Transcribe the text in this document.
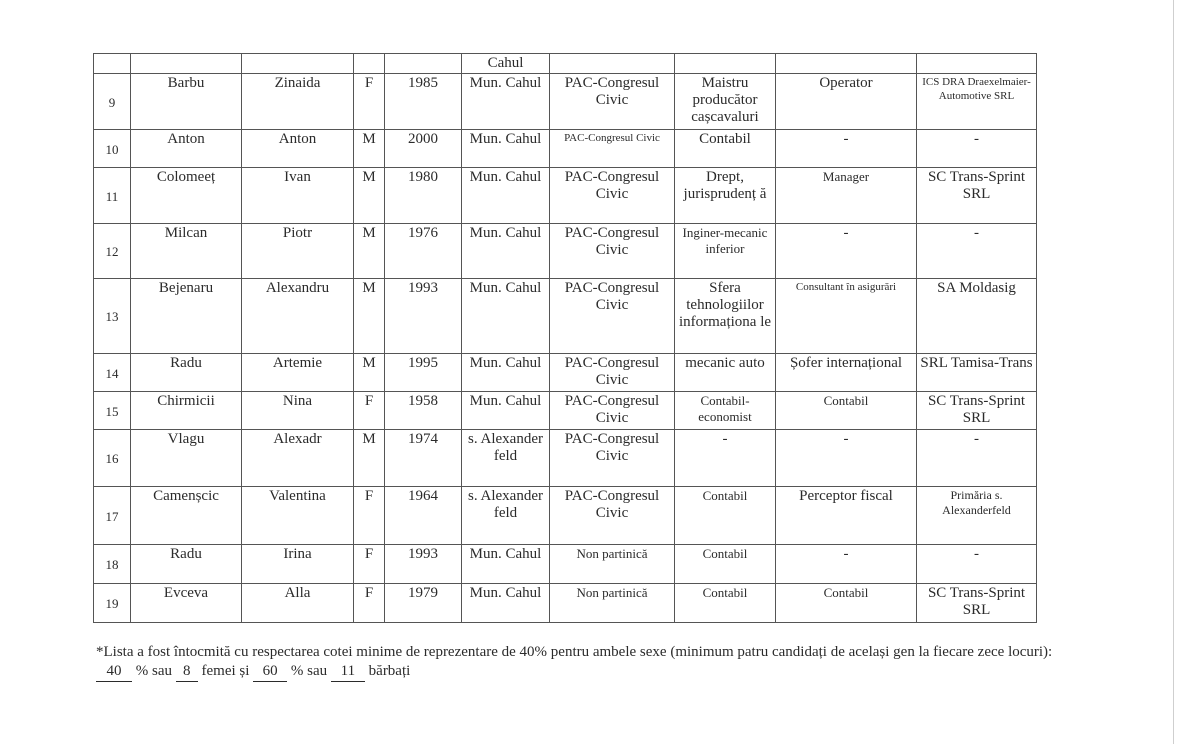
					Cahul				
9	Barbu	Zinaida	F	1985	Mun. Cahul	PAC-Congresul Civic	Maistru producător cașcavaluri	Operator	ICS DRA Draexelmaier-Automotive SRL
10	Anton	Anton	M	2000	Mun. Cahul	PAC-Congresul Civic	Contabil	-	-
11	Colomeeț	Ivan	M	1980	Mun. Cahul	PAC-Congresul Civic	Drept, jurisprudenț ă	Manager	SC Trans-Sprint SRL
12	Milcan	Piotr	M	1976	Mun. Cahul	PAC-Congresul Civic	Inginer-mecanic inferior	-	-
13	Bejenaru	Alexandru	M	1993	Mun. Cahul	PAC-Congresul Civic	Sfera tehnologiilor informaționa le	Consultant în asigurări	SA Moldasig
14	Radu	Artemie	M	1995	Mun. Cahul	PAC-Congresul Civic	mecanic auto	Șofer internațional	SRL Tamisa-Trans
15	Chirmicii	Nina	F	1958	Mun. Cahul	PAC-Congresul Civic	Contabil-economist	Contabil	SC Trans-Sprint SRL
16	Vlagu	Alexadr	M	1974	s. Alexander feld	PAC-Congresul Civic	-	-	-
17	Camenșcic	Valentina	F	1964	s. Alexander feld	PAC-Congresul Civic	Contabil	Perceptor fiscal	Primăria s. Alexanderfeld
18	Radu	Irina	F	1993	Mun. Cahul	Non partinică	Contabil	-	-
19	Evceva	Alla	F	1979	Mun. Cahul	Non partinică	Contabil	Contabil	SC Trans-Sprint SRL

*Lista a fost întocmită cu respectarea cotei minime de reprezentare de 40% pentru ambele sexe (minimum patru candidați de același gen la fiecare zece locuri):
40 % sau 8 femei și 60 % sau 11 bărbați
